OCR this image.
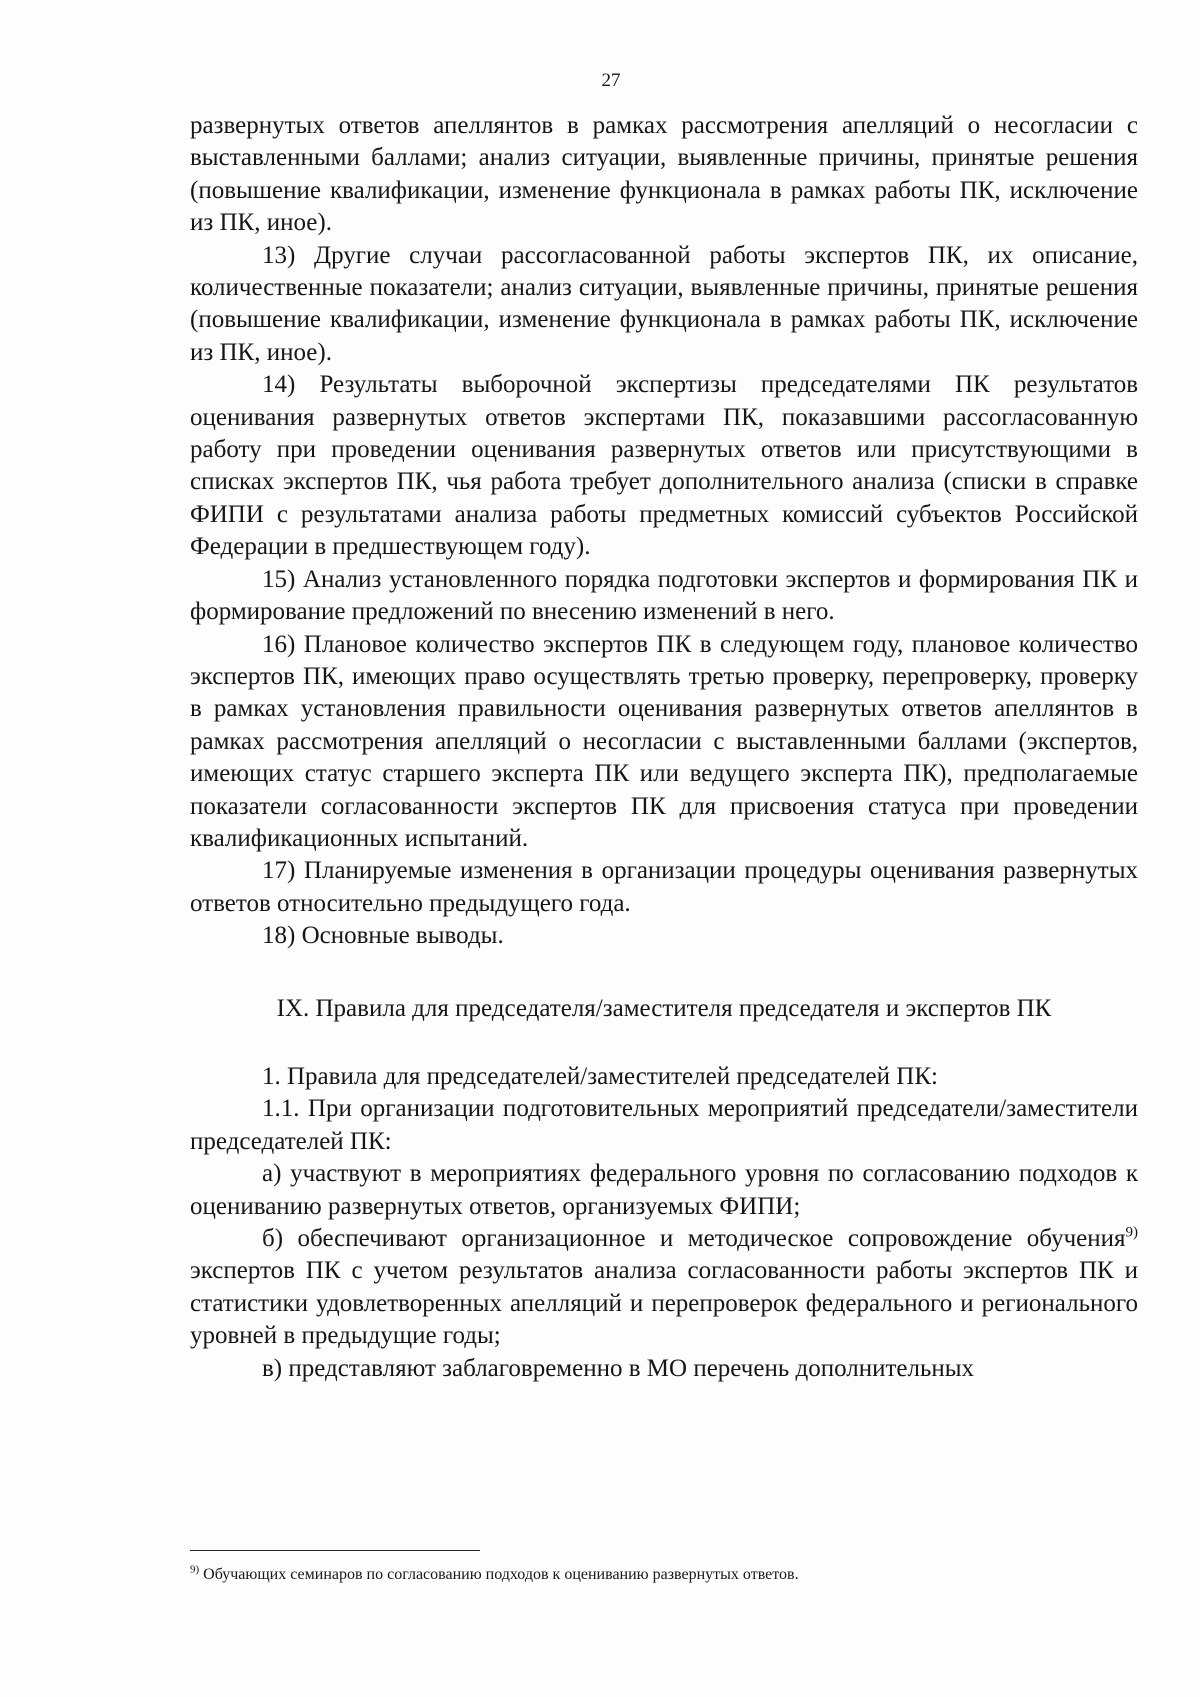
27

развернутых ответов апеллянтов в рамках рассмотрения апелляций о несогласии с выставленными баллами; анализ ситуации, выявленные причины, принятые решения (повышение квалификации, изменение функционала в рамках работы ПК, исключение из ПК, иное).

13) Другие случаи рассогласованной работы экспертов ПК, их описание, количественные показатели; анализ ситуации, выявленные причины, принятые решения (повышение квалификации, изменение функционала в рамках работы ПК, исключение из ПК, иное).

14) Результаты выборочной экспертизы председателями ПК результатов оценивания развернутых ответов экспертами ПК, показавшими рассогласованную работу при проведении оценивания развернутых ответов или присутствующими в списках экспертов ПК, чья работа требует дополнительного анализа (списки в справке ФИПИ с результатами анализа работы предметных комиссий субъектов Российской Федерации в предшествующем году).

15) Анализ установленного порядка подготовки экспертов и формирования ПК и формирование предложений по внесению изменений в него.

16) Плановое количество экспертов ПК в следующем году, плановое количество экспертов ПК, имеющих право осуществлять третью проверку, перепроверку, проверку в рамках установления правильности оценивания развернутых ответов апеллянтов в рамках рассмотрения апелляций о несогласии с выставленными баллами (экспертов, имеющих статус старшего эксперта ПК или ведущего эксперта ПК), предполагаемые показатели согласованности экспертов ПК для присвоения статуса при проведении квалификационных испытаний.

17) Планируемые изменения в организации процедуры оценивания развернутых ответов относительно предыдущего года.

18) Основные выводы.

IX. Правила для председателя/заместителя председателя и экспертов ПК

1. Правила для председателей/заместителей председателей ПК:

1.1. При организации подготовительных мероприятий председатели/заместители председателей ПК:

а) участвуют в мероприятиях федерального уровня по согласованию подходов к оцениванию развернутых ответов, организуемых ФИПИ;

б) обеспечивают организационное и методическое сопровождение обучения$^{9)}$ экспертов ПК с учетом результатов анализа согласованности работы экспертов ПК и статистики удовлетворенных апелляций и перепроверок федерального и регионального уровней в предыдущие годы;

в) представляют заблаговременно в МО перечень дополнительных

$^{9)}$ Обучающих семинаров по согласованию подходов к оцениванию развернутых ответов.
